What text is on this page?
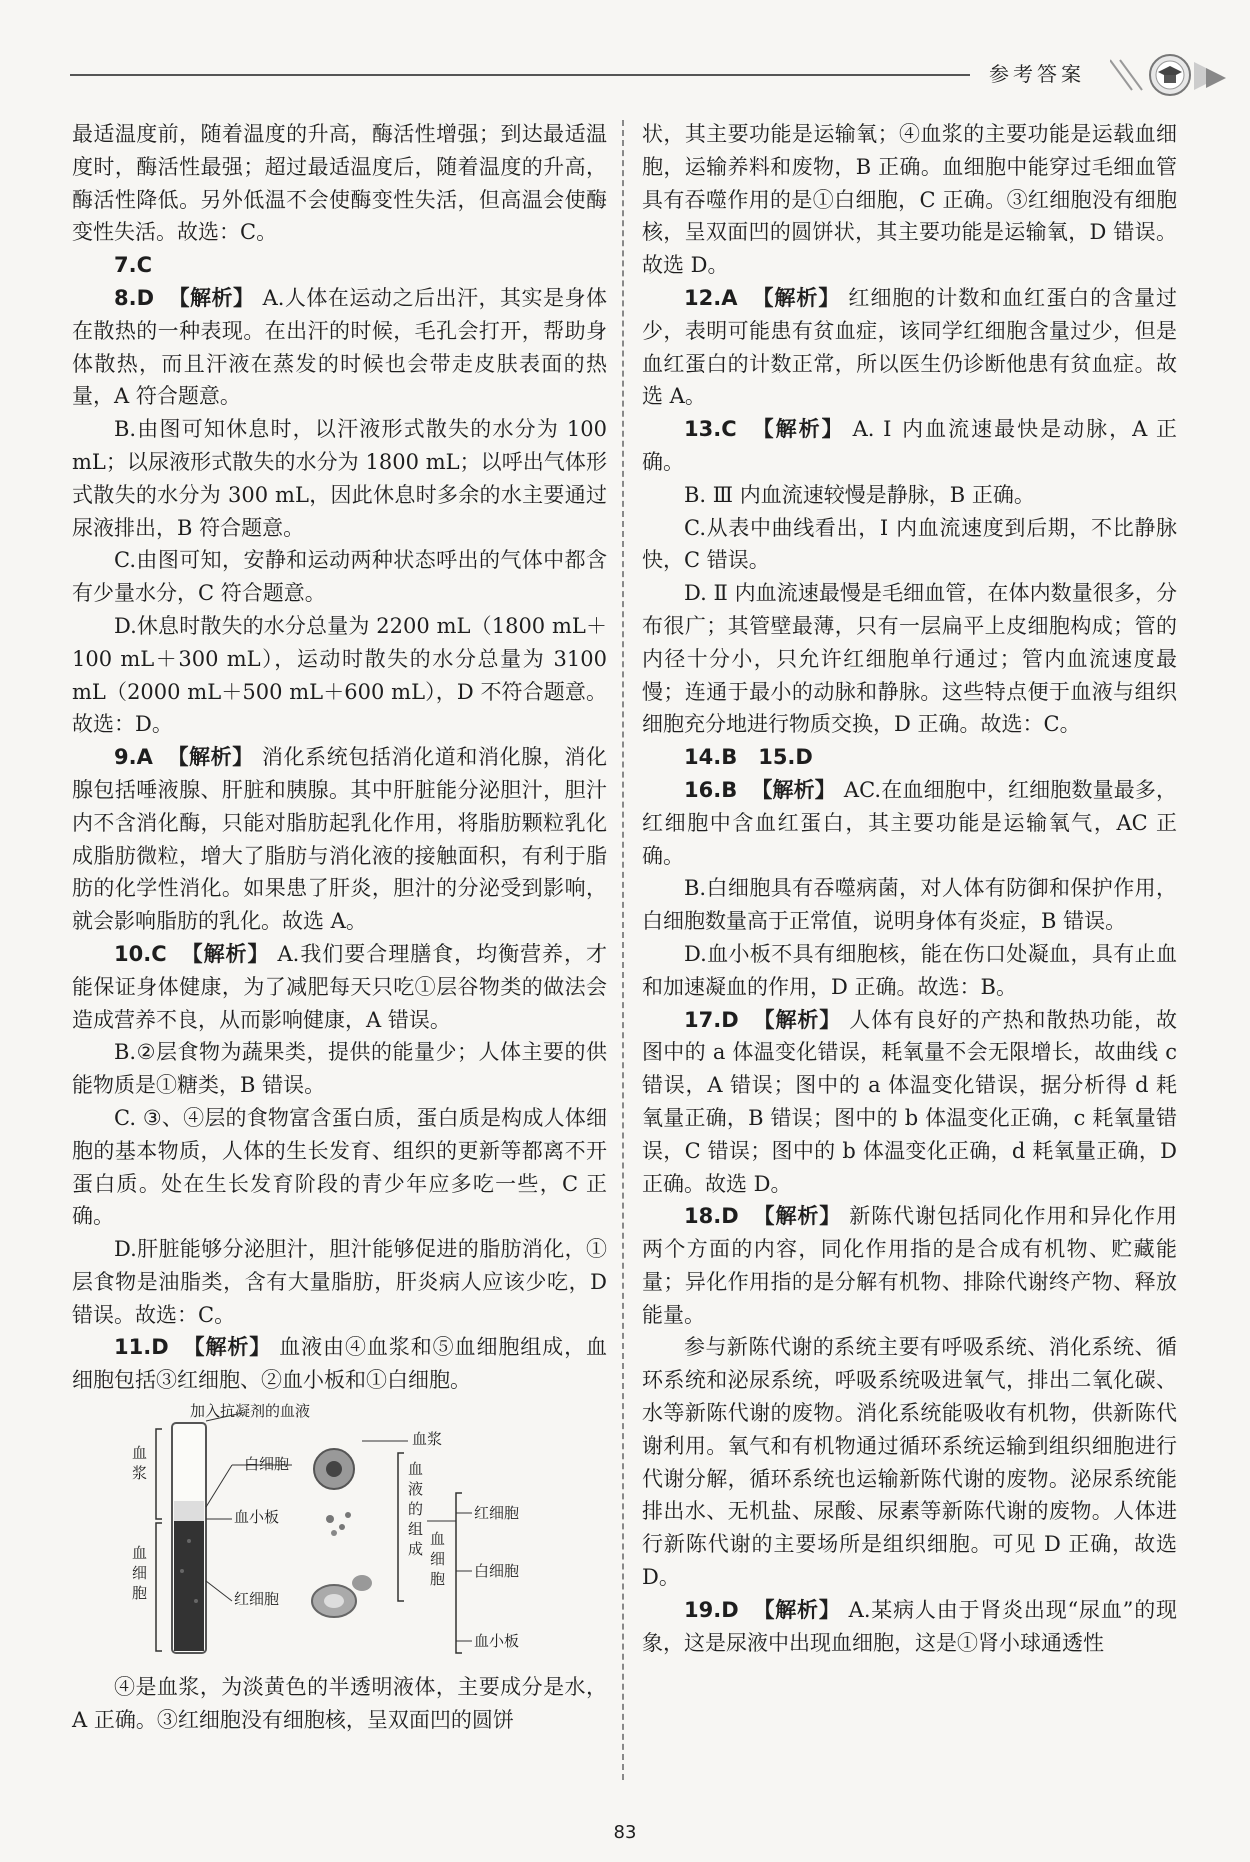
参考答案

最适温度前，随着温度的升高，酶活性增强；到达最适温度时，酶活性最强；超过最适温度后，随着温度的升高，酶活性降低。另外低温不会使酶变性失活，但高温会使酶变性失活。故选：C。

7.C

8.D 【解析】 A.人体在运动之后出汗，其实是身体在散热的一种表现。在出汗的时候，毛孔会打开，帮助身体散热，而且汗液在蒸发的时候也会带走皮肤表面的热量，A 符合题意。

B.由图可知休息时，以汗液形式散失的水分为 100 mL；以尿液形式散失的水分为 1800 mL；以呼出气体形式散失的水分为 300 mL，因此休息时多余的水主要通过尿液排出，B 符合题意。

C.由图可知，安静和运动两种状态呼出的气体中都含有少量水分，C 符合题意。

D.休息时散失的水分总量为 2200 mL（1800 mL＋100 mL＋300 mL），运动时散失的水分总量为 3100 mL（2000 mL＋500 mL＋600 mL），D 不符合题意。故选：D。

9.A 【解析】 消化系统包括消化道和消化腺，消化腺包括唾液腺、肝脏和胰腺。其中肝脏能分泌胆汁，胆汁内不含消化酶，只能对脂肪起乳化作用，将脂肪颗粒乳化成脂肪微粒，增大了脂肪与消化液的接触面积，有利于脂肪的化学性消化。如果患了肝炎，胆汁的分泌受到影响，就会影响脂肪的乳化。故选 A。

10.C 【解析】 A.我们要合理膳食，均衡营养，才能保证身体健康，为了减肥每天只吃①层谷物类的做法会造成营养不良，从而影响健康，A 错误。

B.②层食物为蔬果类，提供的能量少；人体主要的供能物质是①糖类，B 错误。

C. ③、④层的食物富含蛋白质，蛋白质是构成人体细胞的基本物质，人体的生长发育、组织的更新等都离不开蛋白质。处在生长发育阶段的青少年应多吃一些，C 正确。

D.肝脏能够分泌胆汁，胆汁能够促进的脂肪消化，①层食物是油脂类，含有大量脂肪，肝炎病人应该少吃，D 错误。故选：C。

11.D 【解析】 血液由④血浆和⑤血细胞组成，血细胞包括③红细胞、②血小板和①白细胞。

加入抗凝剂的血液
血浆
血浆	白细胞
血小板
红细胞
血细胞
血液的组成
血细胞
红细胞
白细胞
血小板

④是血浆，为淡黄色的半透明液体，主要成分是水，A 正确。③红细胞没有细胞核，呈双面凹的圆饼

状，其主要功能是运输氧；④血浆的主要功能是运载血细胞，运输养料和废物，B 正确。血细胞中能穿过毛细血管具有吞噬作用的是①白细胞，C 正确。③红细胞没有细胞核，呈双面凹的圆饼状，其主要功能是运输氧，D 错误。故选 D。

12.A 【解析】 红细胞的计数和血红蛋白的含量过少，表明可能患有贫血症，该同学红细胞含量过少，但是血红蛋白的计数正常，所以医生仍诊断他患有贫血症。故选 A。

13.C 【解析】 A. Ⅰ 内血流速最快是动脉，A 正确。

B. Ⅲ 内血流速较慢是静脉，B 正确。

C.从表中曲线看出，Ⅰ 内血流速度到后期，不比静脉快，C 错误。

D. Ⅱ 内血流速最慢是毛细血管，在体内数量很多，分布很广；其管壁最薄，只有一层扁平上皮细胞构成；管的内径十分小，只允许红细胞单行通过；管内血流速度最慢；连通于最小的动脉和静脉。这些特点便于血液与组织细胞充分地进行物质交换，D 正确。故选：C。

14.B　15.D

16.B 【解析】 AC.在血细胞中，红细胞数量最多，红细胞中含血红蛋白，其主要功能是运输氧气，AC 正确。

B.白细胞具有吞噬病菌，对人体有防御和保护作用，白细胞数量高于正常值，说明身体有炎症，B 错误。

D.血小板不具有细胞核，能在伤口处凝血，具有止血和加速凝血的作用，D 正确。故选：B。

17.D 【解析】 人体有良好的产热和散热功能，故图中的 a 体温变化错误，耗氧量不会无限增长，故曲线 c 错误，A 错误；图中的 a 体温变化错误，据分析得 d 耗氧量正确，B 错误；图中的 b 体温变化正确，c 耗氧量错误，C 错误；图中的 b 体温变化正确，d 耗氧量正确，D 正确。故选 D。

18.D 【解析】 新陈代谢包括同化作用和异化作用两个方面的内容，同化作用指的是合成有机物、贮藏能量；异化作用指的是分解有机物、排除代谢终产物、释放能量。

参与新陈代谢的系统主要有呼吸系统、消化系统、循环系统和泌尿系统，呼吸系统吸进氧气，排出二氧化碳、水等新陈代谢的废物。消化系统能吸收有机物，供新陈代谢利用。氧气和有机物通过循环系统运输到组织细胞进行代谢分解，循环系统也运输新陈代谢的废物。泌尿系统能排出水、无机盐、尿酸、尿素等新陈代谢的废物。人体进行新陈代谢的主要场所是组织细胞。可见 D 正确，故选 D。

19.D 【解析】 A.某病人由于肾炎出现“尿血”的现象，这是尿液中出现血细胞，这是①肾小球通透性

83
